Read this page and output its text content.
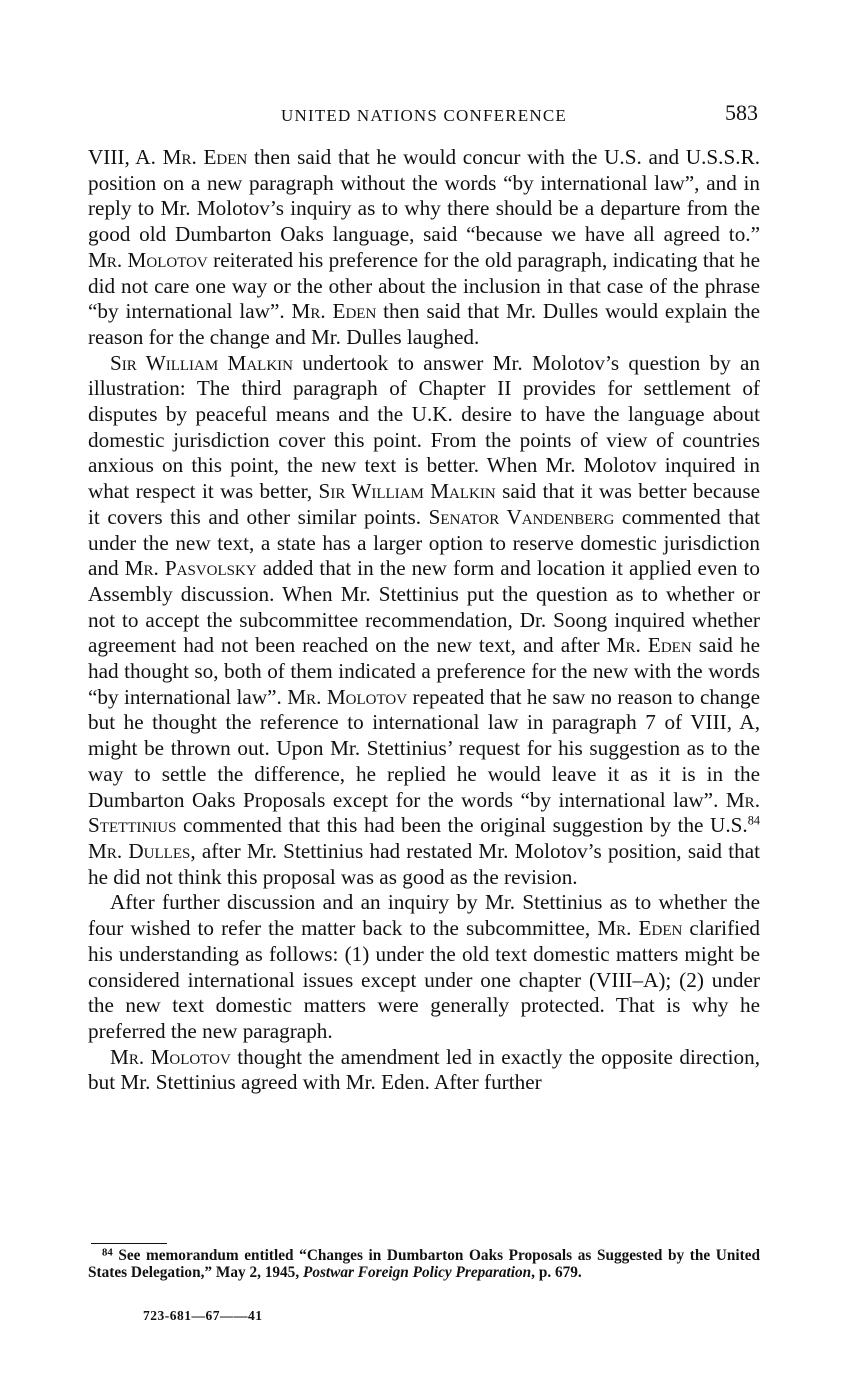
UNITED NATIONS CONFERENCE	583

VIII, A. Mr. Eden then said that he would concur with the U.S. and U.S.S.R. position on a new paragraph without the words “by international law”, and in reply to Mr. Molotov’s inquiry as to why there should be a departure from the good old Dumbarton Oaks language, said “because we have all agreed to.” Mr. Molotov reiterated his preference for the old paragraph, indicating that he did not care one way or the other about the inclusion in that case of the phrase “by international law”. Mr. Eden then said that Mr. Dulles would explain the reason for the change and Mr. Dulles laughed.

Sir William Malkin undertook to answer Mr. Molotov’s question by an illustration: The third paragraph of Chapter II provides for settlement of disputes by peaceful means and the U.K. desire to have the language about domestic jurisdiction cover this point. From the points of view of countries anxious on this point, the new text is better. When Mr. Molotov inquired in what respect it was better, Sir William Malkin said that it was better because it covers this and other similar points. Senator Vandenberg commented that under the new text, a state has a larger option to reserve domestic jurisdiction and Mr. Pasvolsky added that in the new form and location it applied even to Assembly discussion. When Mr. Stettinius put the question as to whether or not to accept the subcommittee recommendation, Dr. Soong inquired whether agreement had not been reached on the new text, and after Mr. Eden said he had thought so, both of them indicated a preference for the new with the words “by international law”. Mr. Molotov repeated that he saw no reason to change but he thought the reference to international law in paragraph 7 of VIII, A, might be thrown out. Upon Mr. Stettinius’ request for his suggestion as to the way to settle the difference, he replied he would leave it as it is in the Dumbarton Oaks Proposals except for the words “by international law”. Mr. Stettinius commented that this had been the original suggestion by the U.S.$^{84}$ Mr. Dulles, after Mr. Stettinius had restated Mr. Molotov’s position, said that he did not think this proposal was as good as the revision.

After further discussion and an inquiry by Mr. Stettinius as to whether the four wished to refer the matter back to the subcommittee, Mr. Eden clarified his understanding as follows: (1) under the old text domestic matters might be considered international issues except under one chapter (VIII–A); (2) under the new text domestic matters were generally protected. That is why he preferred the new paragraph.

Mr. Molotov thought the amendment led in exactly the opposite direction, but Mr. Stettinius agreed with Mr. Eden. After further

$^{84}$ See memorandum entitled “Changes in Dumbarton Oaks Proposals as Suggested by the United States Delegation,” May 2, 1945, Postwar Foreign Policy Preparation, p. 679.

723-681—67——41
